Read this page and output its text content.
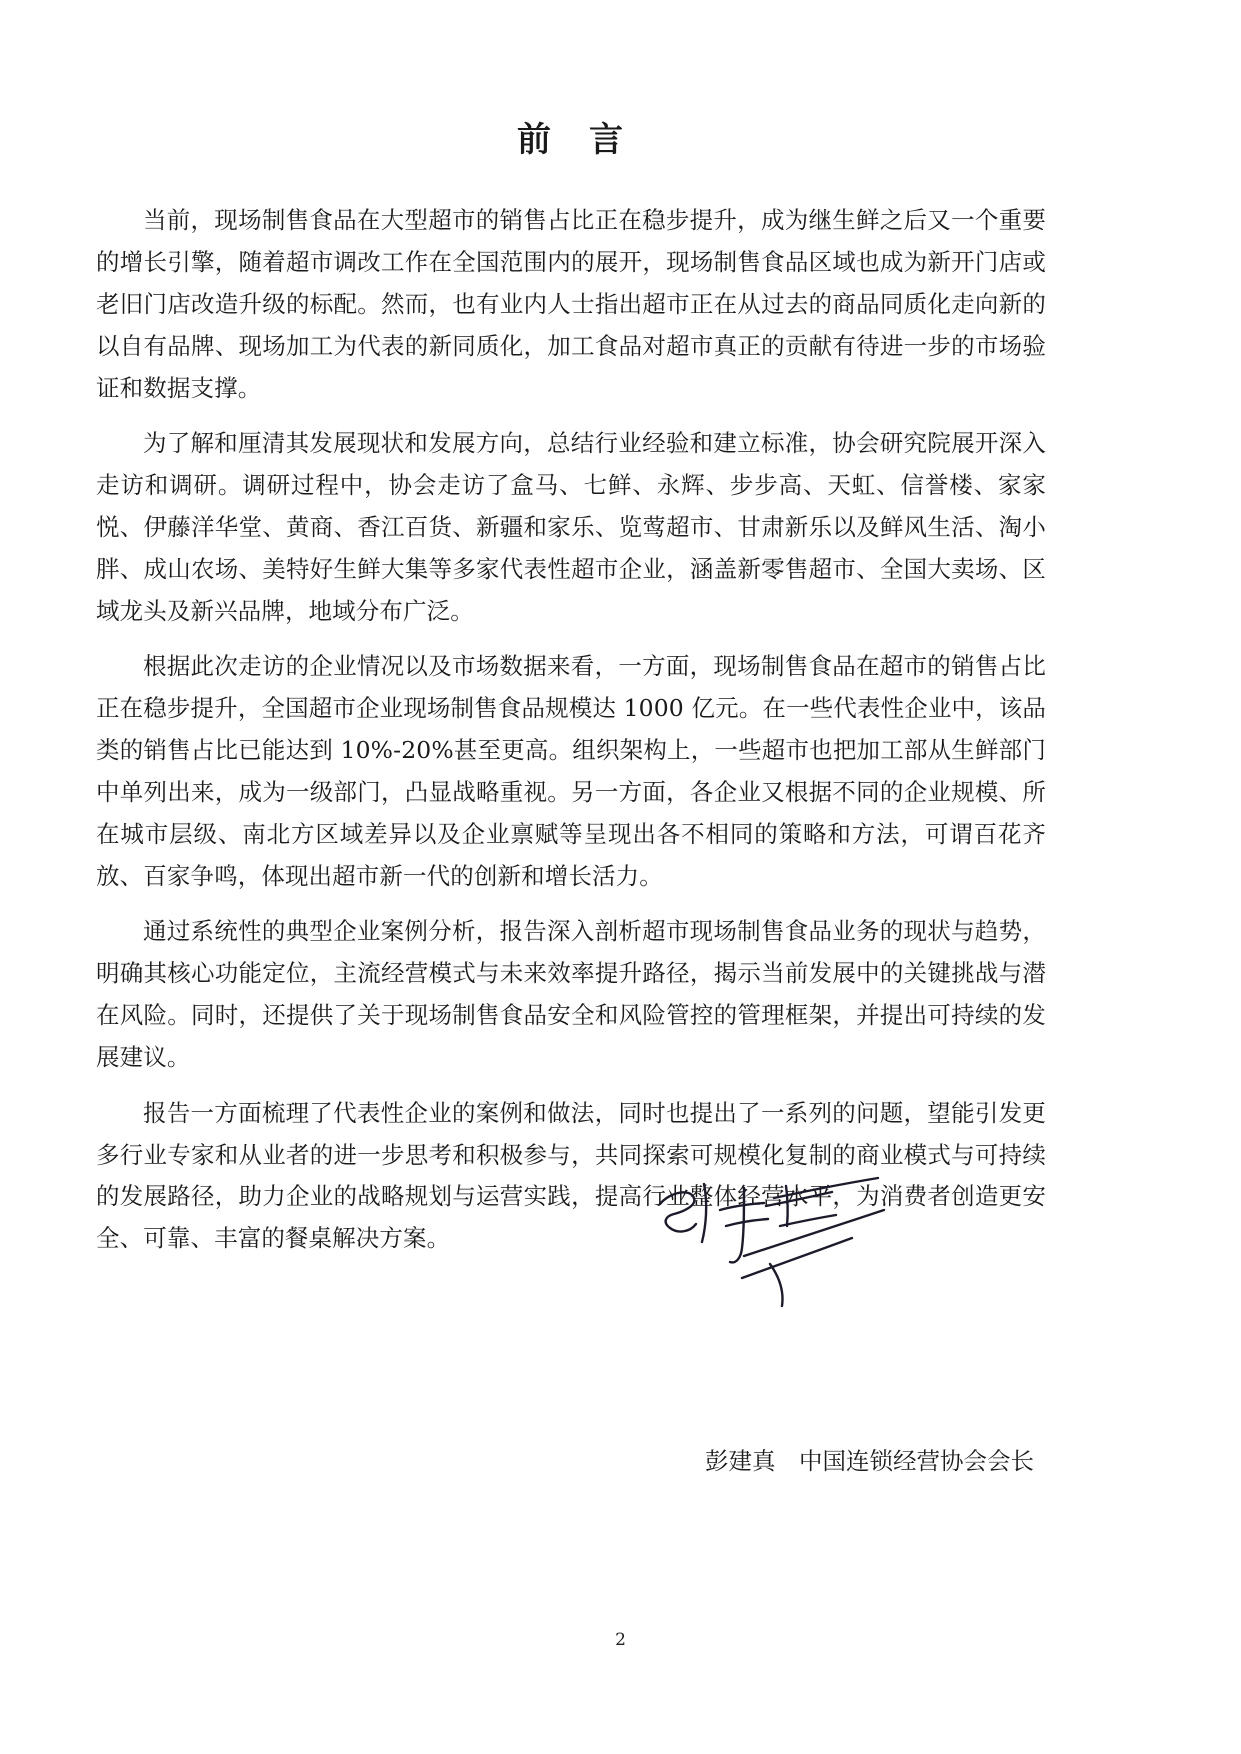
前　言

当前，现场制售食品在大型超市的销售占比正在稳步提升，成为继生鲜之后又一个重要的增长引擎，随着超市调改工作在全国范围内的展开，现场制售食品区域也成为新开门店或老旧门店改造升级的标配。然而，也有业内人士指出超市正在从过去的商品同质化走向新的以自有品牌、现场加工为代表的新同质化，加工食品对超市真正的贡献有待进一步的市场验证和数据支撑。

为了解和厘清其发展现状和发展方向，总结行业经验和建立标准，协会研究院展开深入走访和调研。调研过程中，协会走访了盒马、七鲜、永辉、步步高、天虹、信誉楼、家家悦、伊藤洋华堂、黄商、香江百货、新疆和家乐、览莺超市、甘肃新乐以及鲜风生活、淘小胖、成山农场、美特好生鲜大集等多家代表性超市企业，涵盖新零售超市、全国大卖场、区域龙头及新兴品牌，地域分布广泛。

根据此次走访的企业情况以及市场数据来看，一方面，现场制售食品在超市的销售占比正在稳步提升，全国超市企业现场制售食品规模达 1000 亿元。在一些代表性企业中，该品类的销售占比已能达到 10%-20%甚至更高。组织架构上，一些超市也把加工部从生鲜部门中单列出来，成为一级部门，凸显战略重视。另一方面，各企业又根据不同的企业规模、所在城市层级、南北方区域差异以及企业禀赋等呈现出各不相同的策略和方法，可谓百花齐放、百家争鸣，体现出超市新一代的创新和增长活力。

通过系统性的典型企业案例分析，报告深入剖析超市现场制售食品业务的现状与趋势，明确其核心功能定位，主流经营模式与未来效率提升路径，揭示当前发展中的关键挑战与潜在风险。同时，还提供了关于现场制售食品安全和风险管控的管理框架，并提出可持续的发展建议。

报告一方面梳理了代表性企业的案例和做法，同时也提出了一系列的问题，望能引发更多行业专家和从业者的进一步思考和积极参与，共同探索可规模化复制的商业模式与可持续的发展路径，助力企业的战略规划与运营实践，提高行业整体经营水平，为消费者创造更安全、可靠、丰富的餐桌解决方案。

彭建真　中国连锁经营协会会长
2
